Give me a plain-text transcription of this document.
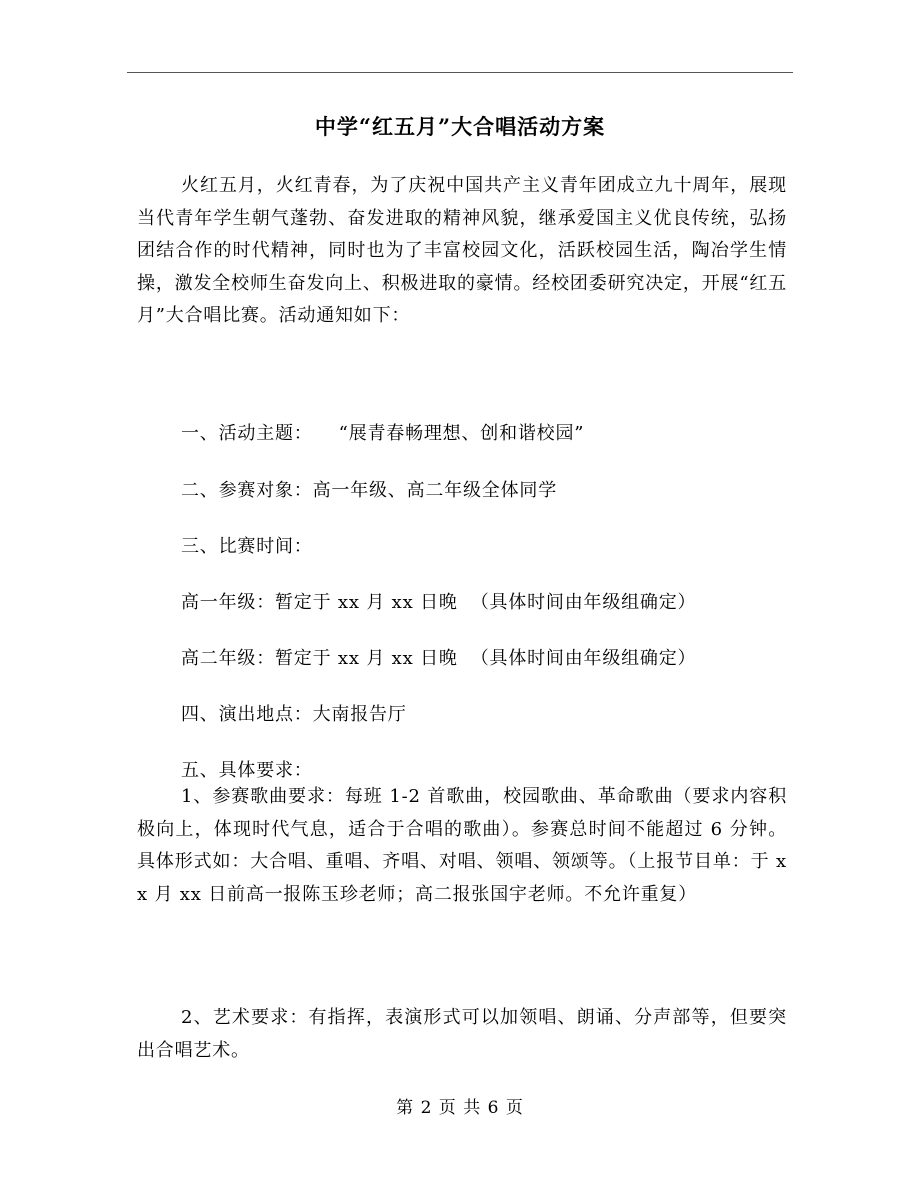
中学“红五月”大合唱活动方案
火红五月，火红青春，为了庆祝中国共产主义青年团成立九十周年，展现当代青年学生朝气蓬勃、奋发进取的精神风貌，继承爱国主义优良传统，弘扬团结合作的时代精神，同时也为了丰富校园文化，活跃校园生活，陶冶学生情操，激发全校师生奋发向上、积极进取的豪情。经校团委研究决定，开展“红五月”大合唱比赛。活动通知如下：
一、活动主题：    “展青春畅理想、创和谐校园”
二、参赛对象：高一年级、高二年级全体同学
三、比赛时间：
高一年级：暂定于 xx 月 xx 日晚  （具体时间由年级组确定）
高二年级：暂定于 xx 月 xx 日晚  （具体时间由年级组确定）
四、演出地点：大南报告厅
五、具体要求：
1、参赛歌曲要求：每班 1-2 首歌曲，校园歌曲、革命歌曲（要求内容积极向上，体现时代气息，适合于合唱的歌曲）。参赛总时间不能超过 6 分钟。具体形式如：大合唱、重唱、齐唱、对唱、领唱、领颂等。（上报节目单：于 xx 月 xx 日前高一报陈玉珍老师；高二报张国宇老师。不允许重复）
2、艺术要求：有指挥，表演形式可以加领唱、朗诵、分声部等，但要突出合唱艺术。
第 2 页 共 6 页
